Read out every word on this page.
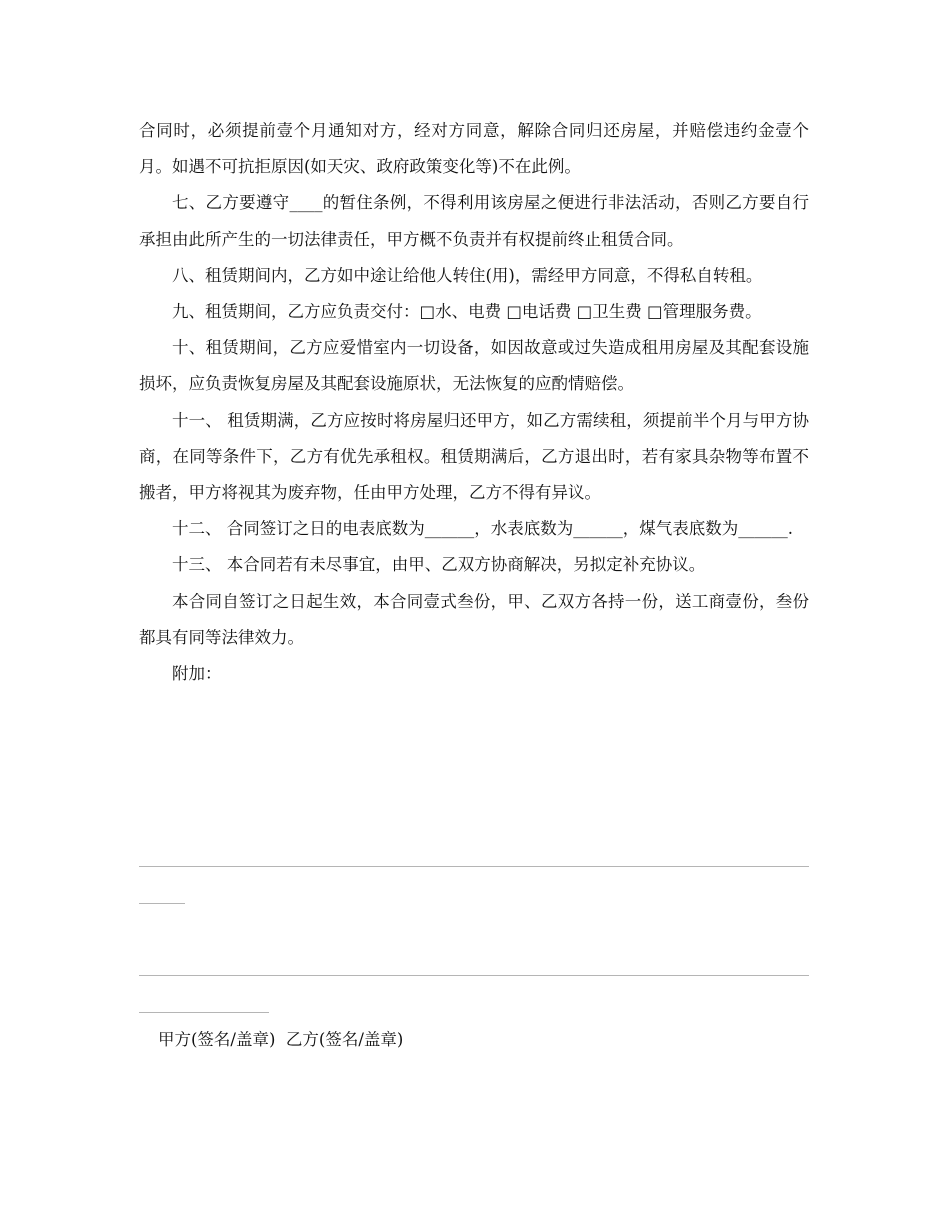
合同时，必须提前壹个月通知对方，经对方同意，解除合同归还房屋，并赔偿违约金壹个月。如遇不可抗拒原因(如天灾、政府政策变化等)不在此例。

七、乙方要遵守____的暂住条例，不得利用该房屋之便进行非法活动，否则乙方要自行承担由此所产生的一切法律责任，甲方概不负责并有权提前终止租赁合同。

八、租赁期间内，乙方如中途让给他人转住(用)，需经甲方同意，不得私自转租。

九、租赁期间，乙方应负责交付：□水、电费 □电话费 □卫生费 □管理服务费。

十、租赁期间，乙方应爱惜室内一切设备，如因故意或过失造成租用房屋及其配套设施损坏，应负责恢复房屋及其配套设施原状，无法恢复的应酌情赔偿。

十一、 租赁期满，乙方应按时将房屋归还甲方，如乙方需续租，须提前半个月与甲方协商，在同等条件下，乙方有优先承租权。租赁期满后，乙方退出时，若有家具杂物等布置不搬者，甲方将视其为废弃物，任由甲方处理，乙方不得有异议。

十二、 合同签订之日的电表底数为______，水表底数为______，煤气表底数为______.

十三、 本合同若有未尽事宜，由甲、乙双方协商解决，另拟定补充协议。

本合同自签订之日起生效，本合同壹式叁份，甲、乙双方各持一份，送工商壹份，叁份都具有同等法律效力。

附加：

甲方(签名/盖章)  乙方(签名/盖章)
